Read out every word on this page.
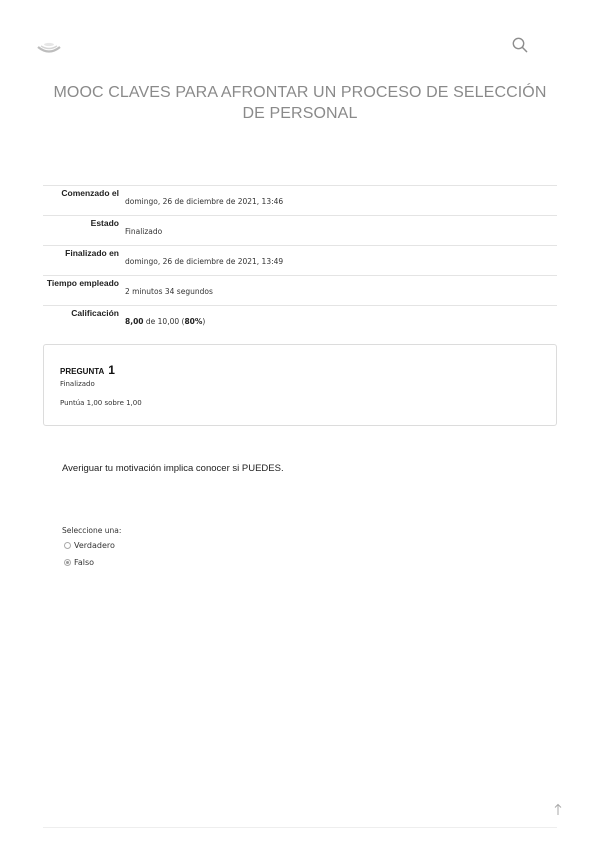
MOOC CLAVES PARA AFRONTAR UN PROCESO DE SELECCIÓN DE PERSONAL
Comenzado el
domingo, 26 de diciembre de 2021, 13:46
Estado
Finalizado
Finalizado en
domingo, 26 de diciembre de 2021, 13:49
Tiempo empleado
2 minutos 34 segundos
Calificación
8,00 de 10,00 (80%)
PREGUNTA 1
Finalizado
Puntúa 1,00 sobre 1,00
Averiguar tu motivación implica conocer si PUEDES.
Seleccione una:
Verdadero
Falso
